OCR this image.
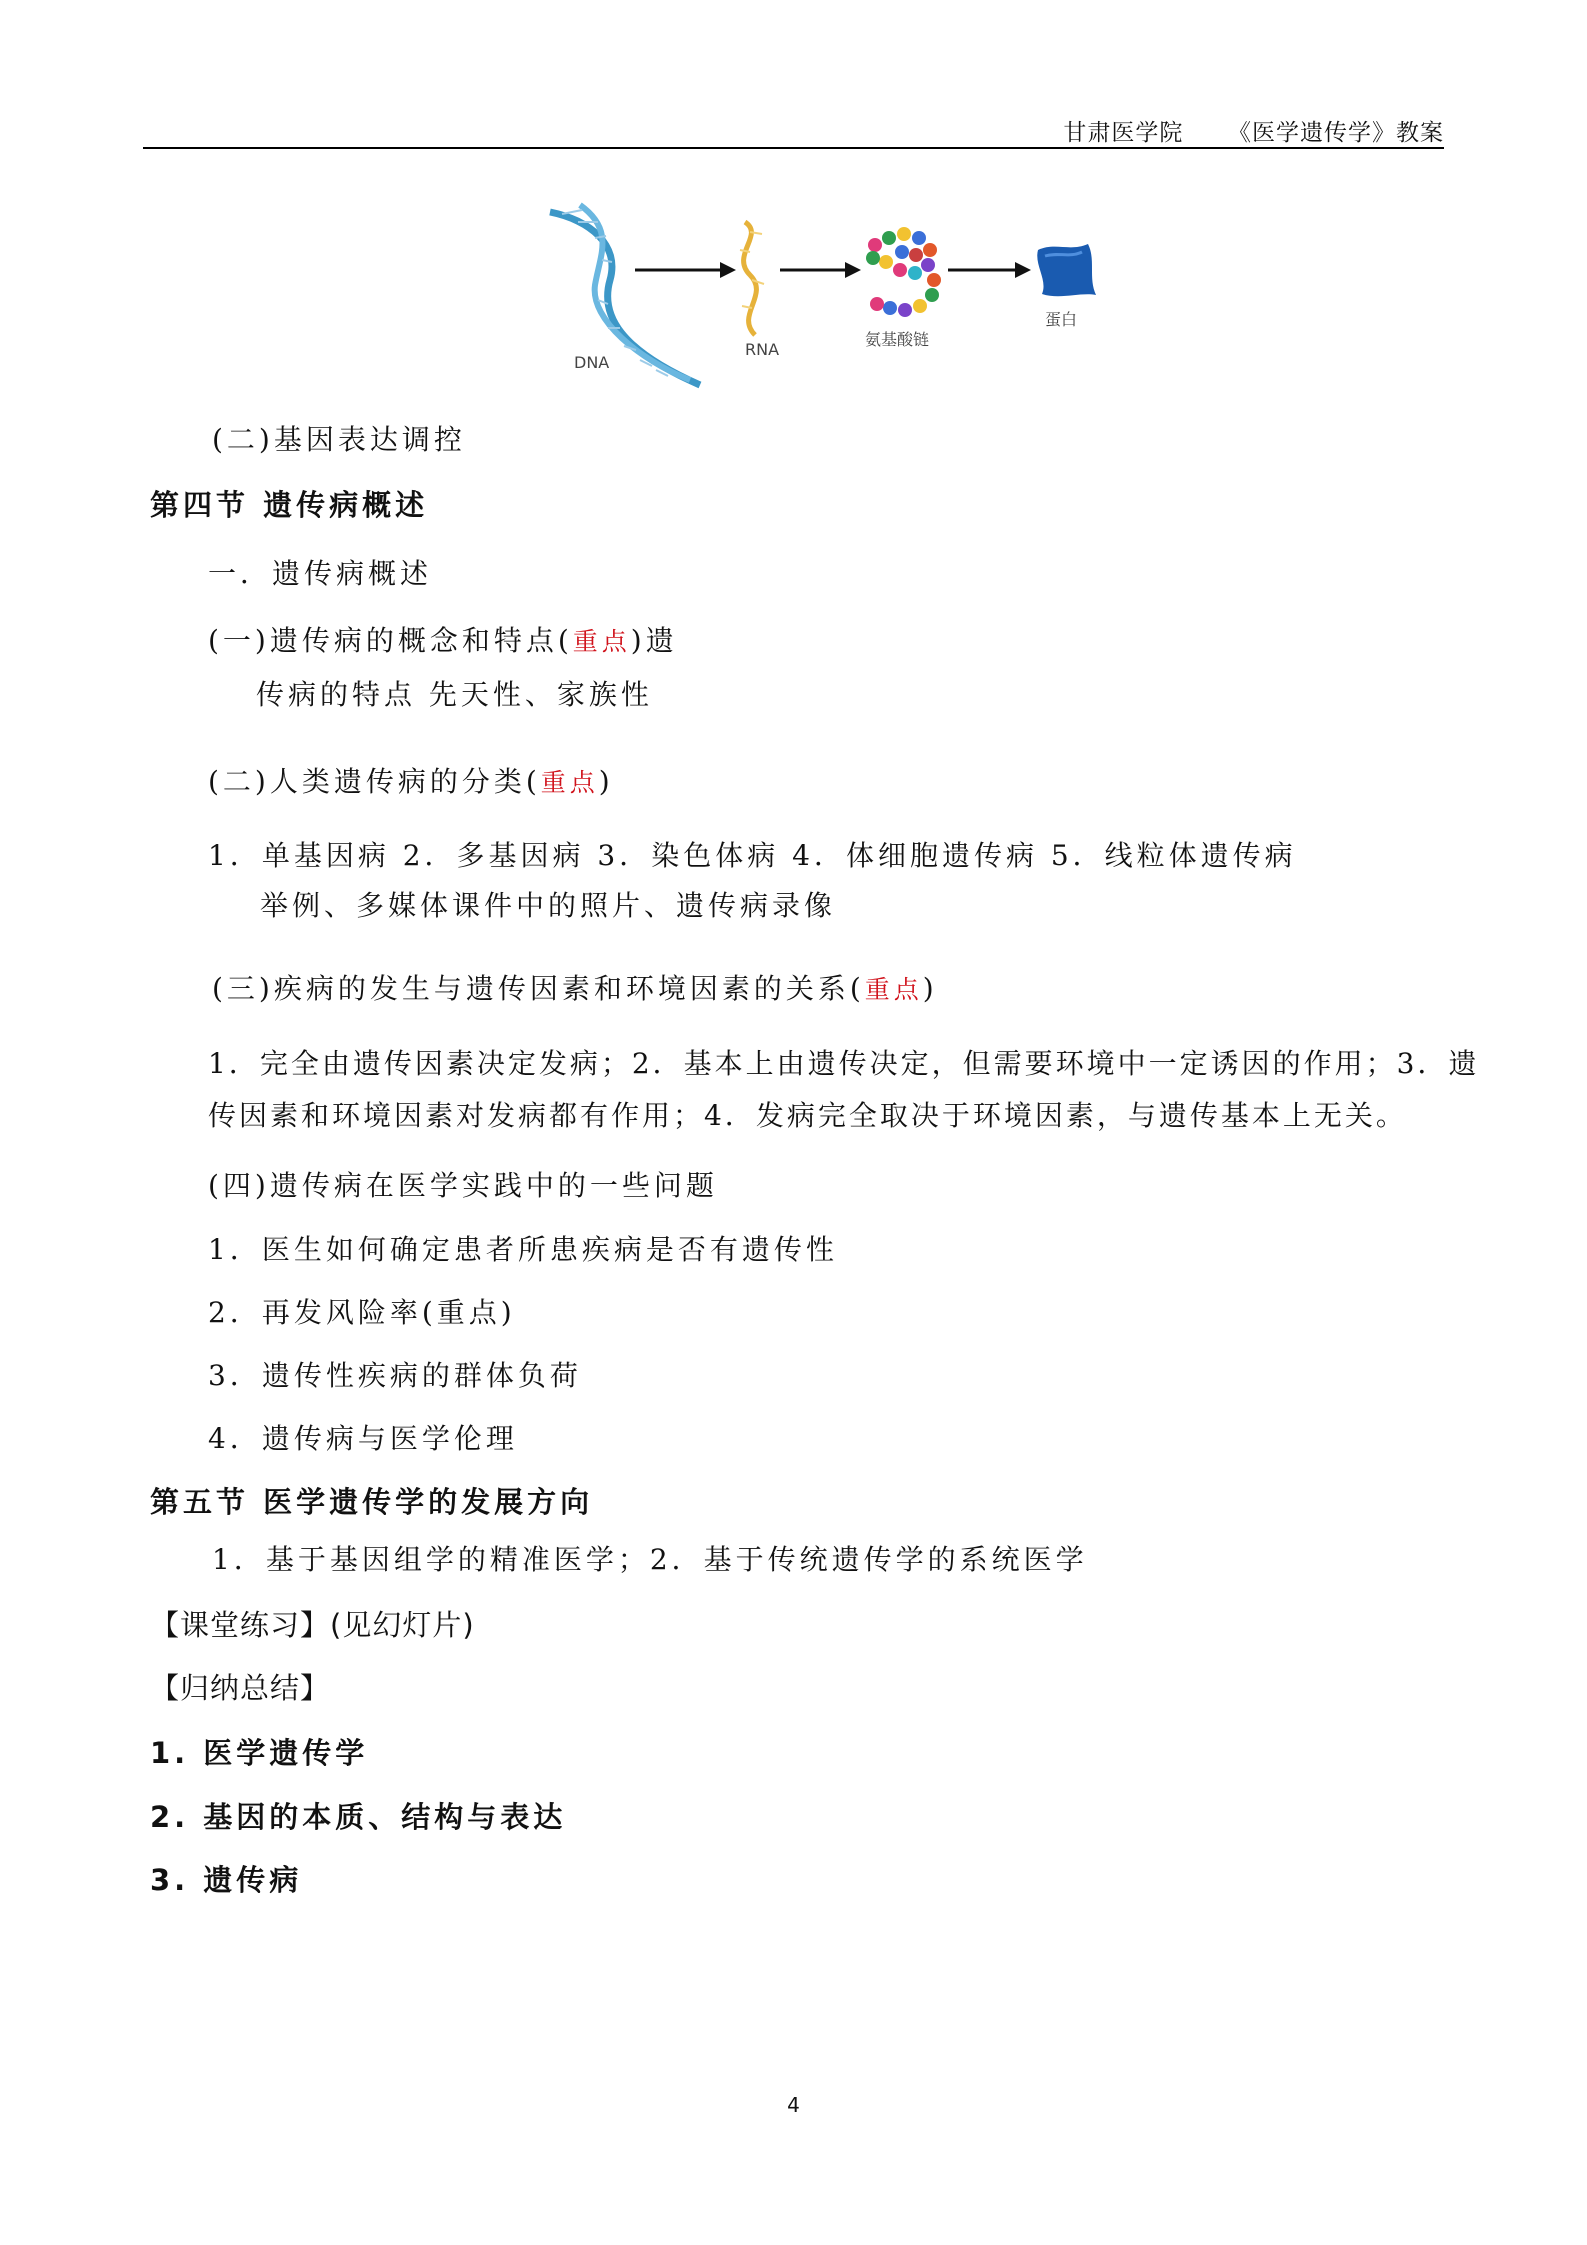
甘肃医学院 《医学遗传学》教案
DNA
RNA
氨基酸链
蛋白
(二)基因表达调控
第四节 遗传病概述
一．遗传病概述
(一)遗传病的概念和特点(重点)遗
传病的特点 先天性、家族性
(二)人类遗传病的分类(重点)
1．单基因病 2．多基因病 3．染色体病 4．体细胞遗传病 5．线粒体遗传病
举例、多媒体课件中的照片、遗传病录像
(三)疾病的发生与遗传因素和环境因素的关系(重点)
1．完全由遗传因素决定发病；2．基本上由遗传决定，但需要环境中一定诱因的作用；3．遗
传因素和环境因素对发病都有作用；4．发病完全取决于环境因素，与遗传基本上无关。
(四)遗传病在医学实践中的一些问题
1．医生如何确定患者所患疾病是否有遗传性
2．再发风险率(重点)
3．遗传性疾病的群体负荷
4．遗传病与医学伦理
第五节 医学遗传学的发展方向
1．基于基因组学的精准医学；2．基于传统遗传学的系统医学
【课堂练习】(见幻灯片)
【归纳总结】
1. 医学遗传学
2. 基因的本质、结构与表达
3. 遗传病
4
